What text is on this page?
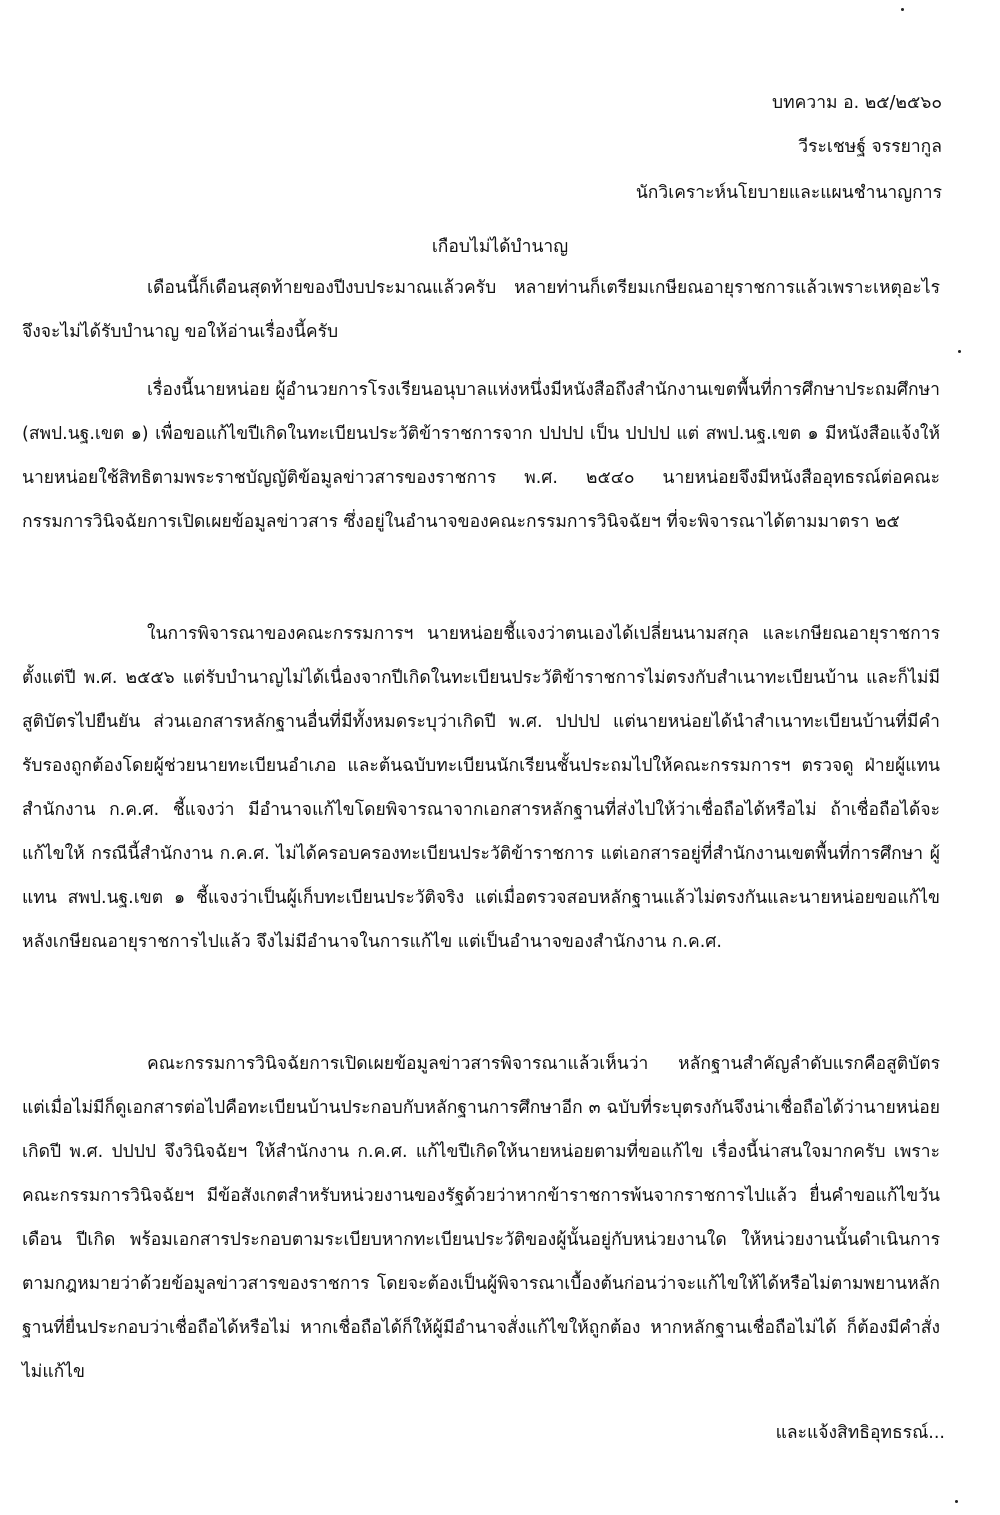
บทความ อ. ๒๕/๒๕๖๐
วีระเชษฐ์ จรรยากูล
นักวิเคราะห์นโยบายและแผนชำนาญการ
เกือบไม่ได้บำนาญ

เดือนนี้ก็เดือนสุดท้ายของปีงบประมาณแล้วครับ หลายท่านก็เตรียมเกษียณอายุราชการแล้วเพราะเหตุอะไร จึงจะไม่ได้รับบำนาญ ขอให้อ่านเรื่องนี้ครับ

เรื่องนี้นายหน่อย ผู้อำนวยการโรงเรียนอนุบาลแห่งหนึ่งมีหนังสือถึงสำนักงานเขตพื้นที่การศึกษาประถมศึกษา (สพป.นฐ.เขต ๑) เพื่อขอแก้ไขปีเกิดในทะเบียนประวัติข้าราชการจาก ปปปป เป็น ปปปป แต่ สพป.นฐ.เขต ๑ มีหนังสือแจ้งให้นายหน่อยใช้สิทธิตามพระราชบัญญัติข้อมูลข่าวสารของราชการ พ.ศ. ๒๕๔๐ นายหน่อยจึงมีหนังสืออุทธรณ์ต่อคณะกรรมการวินิจฉัยการเปิดเผยข้อมูลข่าวสาร ซึ่งอยู่ในอำนาจของคณะกรรมการวินิจฉัยฯ ที่จะพิจารณาได้ตามมาตรา ๒๕

ในการพิจารณาของคณะกรรมการฯ นายหน่อยชี้แจงว่าตนเองได้เปลี่ยนนามสกุล และเกษียณอายุราชการตั้งแต่ปี พ.ศ. ๒๕๕๖ แต่รับบำนาญไม่ได้เนื่องจากปีเกิดในทะเบียนประวัติข้าราชการไม่ตรงกับสำเนาทะเบียนบ้าน และก็ไม่มีสูติบัตรไปยืนยัน ส่วนเอกสารหลักฐานอื่นที่มีทั้งหมดระบุว่าเกิดปี พ.ศ. ปปปป แต่นายหน่อยได้นำสำเนาทะเบียนบ้านที่มีคำรับรองถูกต้องโดยผู้ช่วยนายทะเบียนอำเภอ และต้นฉบับทะเบียนนักเรียนชั้นประถมไปให้คณะกรรมการฯ ตรวจดู ฝ่ายผู้แทนสำนักงาน ก.ค.ศ. ชี้แจงว่า มีอำนาจแก้ไขโดยพิจารณาจากเอกสารหลักฐานที่ส่งไปให้ว่าเชื่อถือได้หรือไม่ ถ้าเชื่อถือได้จะแก้ไขให้ กรณีนี้สำนักงาน ก.ค.ศ. ไม่ได้ครอบครองทะเบียนประวัติข้าราชการ แต่เอกสารอยู่ที่สำนักงานเขตพื้นที่การศึกษา ผู้แทน สพป.นฐ.เขต ๑ ชี้แจงว่าเป็นผู้เก็บทะเบียนประวัติจริง แต่เมื่อตรวจสอบหลักฐานแล้วไม่ตรงกันและนายหน่อยขอแก้ไขหลังเกษียณอายุราชการไปแล้ว จึงไม่มีอำนาจในการแก้ไข แต่เป็นอำนาจของสำนักงาน ก.ค.ศ.

คณะกรรมการวินิจฉัยการเปิดเผยข้อมูลข่าวสารพิจารณาแล้วเห็นว่า หลักฐานสำคัญลำดับแรกคือสูติบัตร แต่เมื่อไม่มีก็ดูเอกสารต่อไปคือทะเบียนบ้านประกอบกับหลักฐานการศึกษาอีก ๓ ฉบับที่ระบุตรงกันจึงน่าเชื่อถือได้ว่านายหน่อยเกิดปี พ.ศ. ปปปป จึงวินิจฉัยฯ ให้สำนักงาน ก.ค.ศ. แก้ไขปีเกิดให้นายหน่อยตามที่ขอแก้ไข เรื่องนี้น่าสนใจมากครับ เพราะคณะกรรมการวินิจฉัยฯ มีข้อสังเกตสำหรับหน่วยงานของรัฐด้วยว่าหากข้าราชการพ้นจากราชการไปแล้ว ยื่นคำขอแก้ไขวัน เดือน ปีเกิด พร้อมเอกสารประกอบตามระเบียบหากทะเบียนประวัติของผู้นั้นอยู่กับหน่วยงานใด ให้หน่วยงานนั้นดำเนินการตามกฎหมายว่าด้วยข้อมูลข่าวสารของราชการ โดยจะต้องเป็นผู้พิจารณาเบื้องต้นก่อนว่าจะแก้ไขให้ได้หรือไม่ตามพยานหลักฐานที่ยื่นประกอบว่าเชื่อถือได้หรือไม่ หากเชื่อถือได้ก็ให้ผู้มีอำนาจสั่งแก้ไขให้ถูกต้อง หากหลักฐานเชื่อถือไม่ได้ ก็ต้องมีคำสั่งไม่แก้ไข

และแจ้งสิทธิอุทธรณ์...
